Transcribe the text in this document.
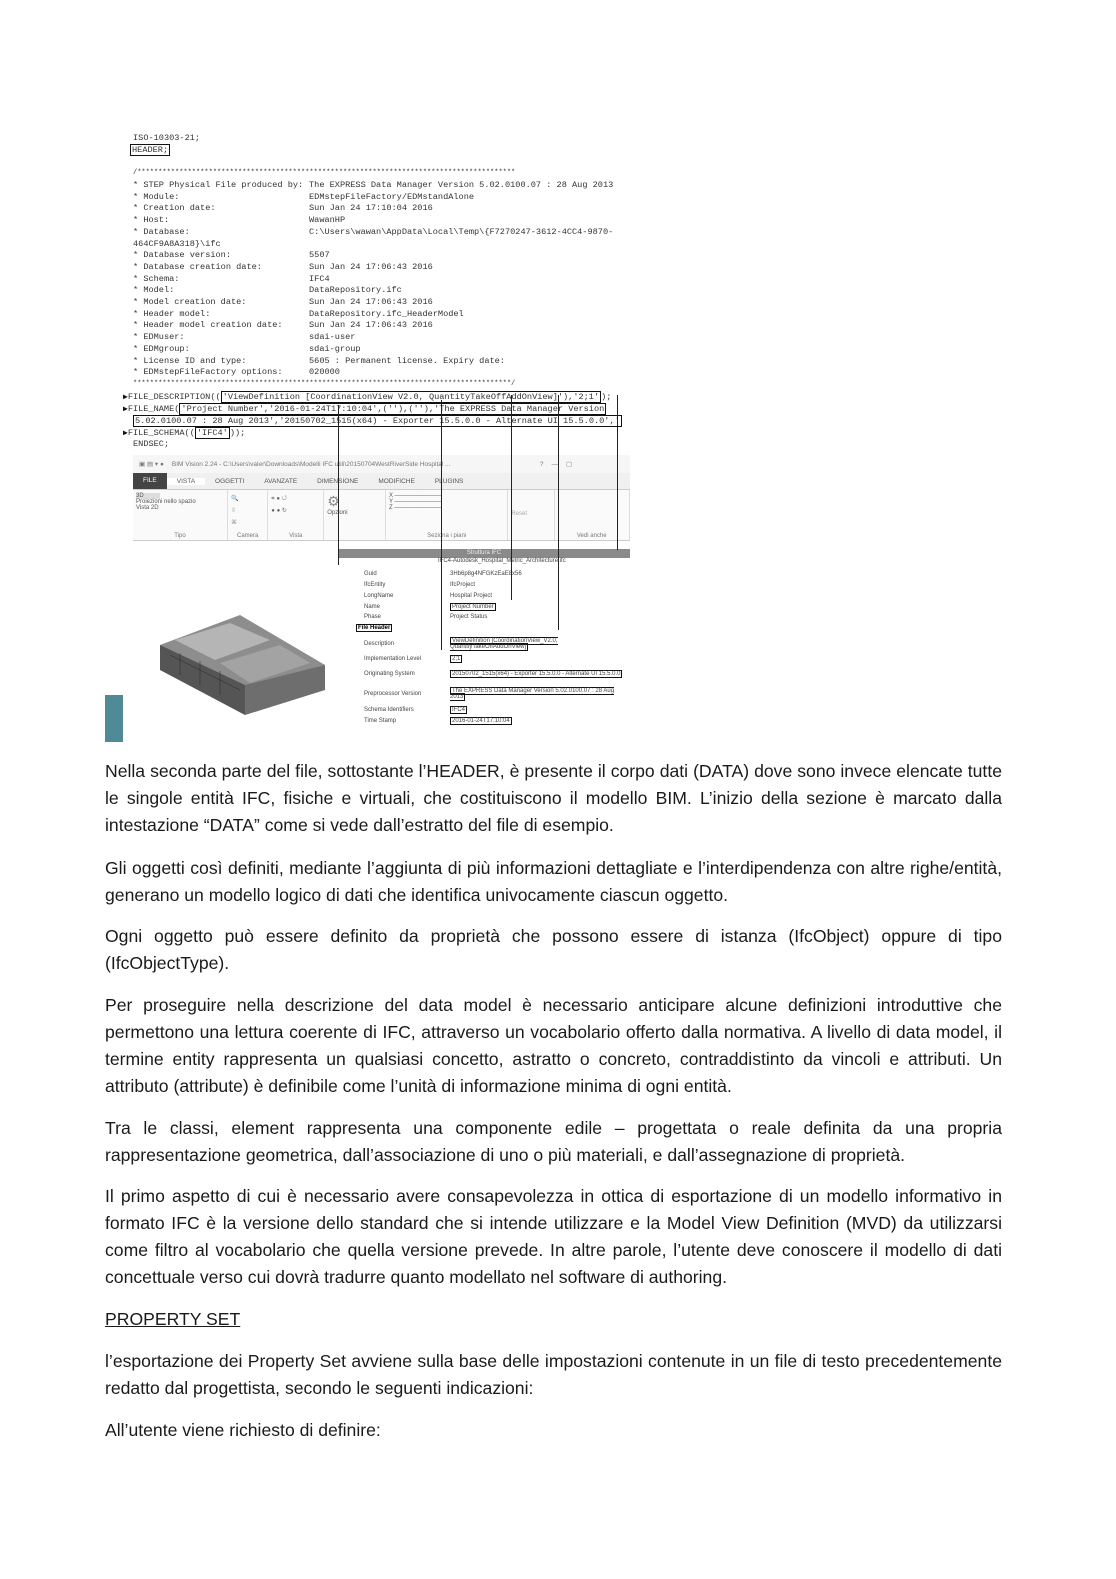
ISO-10303-21;
HEADER;
/******************************************************************************************
* STEP Physical File produced by: The EXPRESS Data Manager Version 5.02.0100.07 : 28 Aug 2013
* Module:	EDMstepFileFactory/EDMstandAlone
* Creation date:	Sun Jan 24 17:10:04 2016
* Host:	WawanHP
* Database:	C:\Users\wawan\AppData\Local\Temp\{F7270247-3612-4CC4-9870-
464CF9A8A318}\ifc
* Database version:	5507
* Database creation date:	Sun Jan 24 17:06:43 2016
* Schema:	IFC4
* Model:	DataRepository.ifc
* Model creation date:	Sun Jan 24 17:06:43 2016
* Header model:	DataRepository.ifc_HeaderModel
* Header model creation date:	Sun Jan 24 17:06:43 2016
* EDMuser:	sdai-user
* EDMgroup:	sdai-group
* License ID and type:	5605 : Permanent license. Expiry date:
* EDMstepFileFactory options:	020000
******************************************************************************************/
▶FILE_DESCRIPTION(( 'ViewDefinition [CoordinationView V2.0, QuantityTakeOffAddOnView]'),'2;1' );
▶FILE_NAME( 'Project Number','2016-01-24T17:10:04',(''),(''),'The EXPRESS Data Manager Version
5.02.0100.07 : 28 Aug 2013','20150702_1515(x64) - Exporter 15.5.0.0 - Alternate UI 15.5.0.0','
▶FILE_SCHEMA(( 'IFC4' ));
ENDSEC;
▣ ▤ ▾ ● BIM Vision 2.24 - C:\Users\valer\Downloads\Modelli IFC utili\20150704WestRiverSide Hospital ...	? — ▢
FILE	VISTA	OGGETTI	AVANZATE	DIMENSIONE	MODIFICHE	PLUGINS
3D
Proiezioni nello spazio
Vista 2D
Tipo
🔍
⇳
⌘
Camera
⌗ ● ↺
● ● ↻
Vista
⚙
Opzioni
X ───────────
Y ───────────
Z ───────────
Seziona i piani
Reset
Vedi anche
Struttura IFC
IFC4-Autodesk_Hospital_Metric_Architecture.ifc
Guid	3Hb6p8g4NFGKzEaE8x56
IfcEntity	IfcProject
LongName	Hospital Project
Name	Project Number
Phase	Project Status
File Header
Description	ViewDefinition [CoordinationView_V2.0, QuantityTakeOffAddOnView]
Implementation Level	2;1
Originating System	20150702_1515(x64) - Exporter 15.5.0.0 - Alternate UI 15.5.0.0
Preprocessor Version	The EXPRESS Data Manager Version 5.02.0100.07 : 28 Aug 2013
Schema Identifiers	IFC4
Time Stamp	2016-01-24T17:10:04
Nella seconda parte del file, sottostante l’HEADER, è presente il corpo dati (DATA) dove sono invece elencate tutte le singole entità IFC, fisiche e virtuali, che costituiscono il modello BIM. L’inizio della sezione è marcato dalla intestazione “DATA” come si vede dall’estratto del file di esempio.
Gli oggetti così definiti, mediante l’aggiunta di più informazioni dettagliate e l’interdipendenza con altre righe/entità, generano un modello logico di dati che identifica univocamente ciascun oggetto.
Ogni oggetto può essere definito da proprietà che possono essere di istanza (IfcObject) oppure di tipo (IfcObjectType).
Per proseguire nella descrizione del data model è necessario anticipare alcune definizioni introduttive che permettono una lettura coerente di IFC, attraverso un vocabolario offerto dalla normativa. A livello di data model, il termine entity rappresenta un qualsiasi concetto, astratto o concreto, contraddistinto da vincoli e attributi. Un attributo (attribute) è definibile come l’unità di informazione minima di ogni entità.
Tra le classi, element rappresenta una componente edile – progettata o reale definita da una propria rappresentazione geometrica, dall’associazione di uno o più materiali, e dall’assegnazione di proprietà.
Il primo aspetto di cui è necessario avere consapevolezza in ottica di esportazione di un modello informativo in formato IFC è la versione dello standard che si intende utilizzare e la Model View Definition (MVD) da utilizzarsi come filtro al vocabolario che quella versione prevede. In altre parole, l’utente deve conoscere il modello di dati concettuale verso cui dovrà tradurre quanto modellato nel software di authoring.
PROPERTY SET
l’esportazione dei Property Set avviene sulla base delle impostazioni contenute in un file di testo precedentemente redatto dal progettista, secondo le seguenti indicazioni:
All’utente viene richiesto di definire:
